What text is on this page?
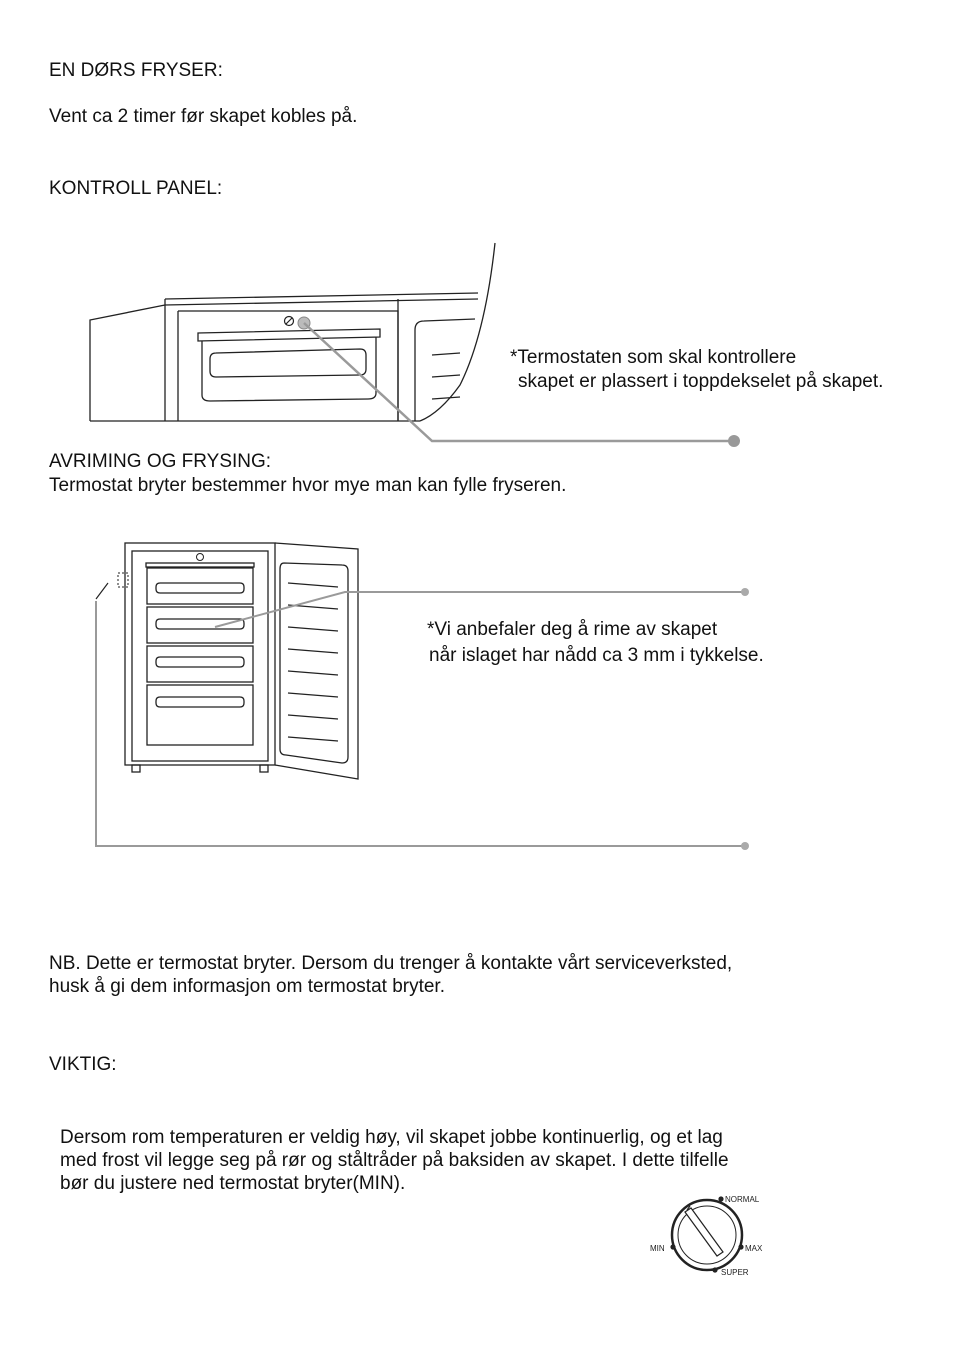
EN DØRS FRYSER:

Vent ca 2 timer før skapet kobles på.

KONTROLL PANEL:

*Termostaten som skal kontrollere

skapet er plassert i toppdekselet på skapet.

AVRIMING OG FRYSING:

Termostat bryter bestemmer hvor mye man kan fylle fryseren.

*Vi anbefaler deg å rime av skapet

når islaget har nådd ca 3 mm i tykkelse.

NB. Dette er termostat bryter. Dersom du trenger å kontakte vårt serviceverksted,

husk å gi dem informasjon om termostat bryter.

VIKTIG:

Dersom rom temperaturen er veldig høy, vil skapet jobbe kontinuerlig, og et lag

med frost vil legge seg på rør og ståltråder på baksiden av skapet. I dette tilfelle

bør du justere ned termostat bryter(MIN).

MIN
NORMAL
MAX
SUPER
